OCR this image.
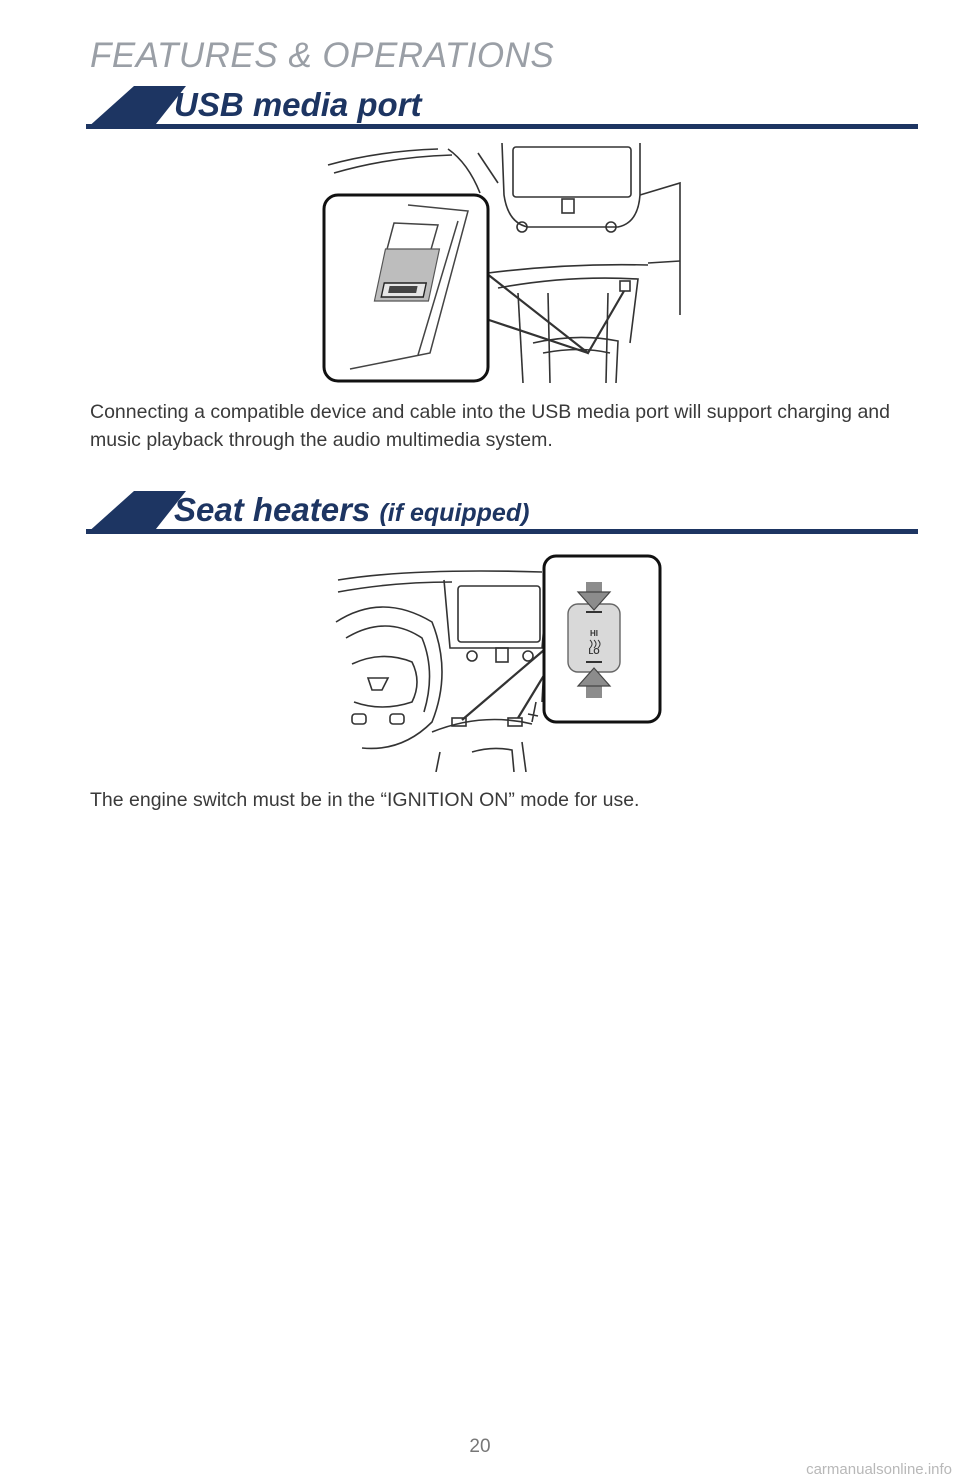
FEATURES & OPERATIONS
USB media port
Connecting a compatible device and cable into the USB media port will support charging and music playback through the audio multimedia system.
Seat heaters (if equipped)
HI
LO
The engine switch must be in the “IGNITION ON” mode for use.
20
carmanualsonline.info
